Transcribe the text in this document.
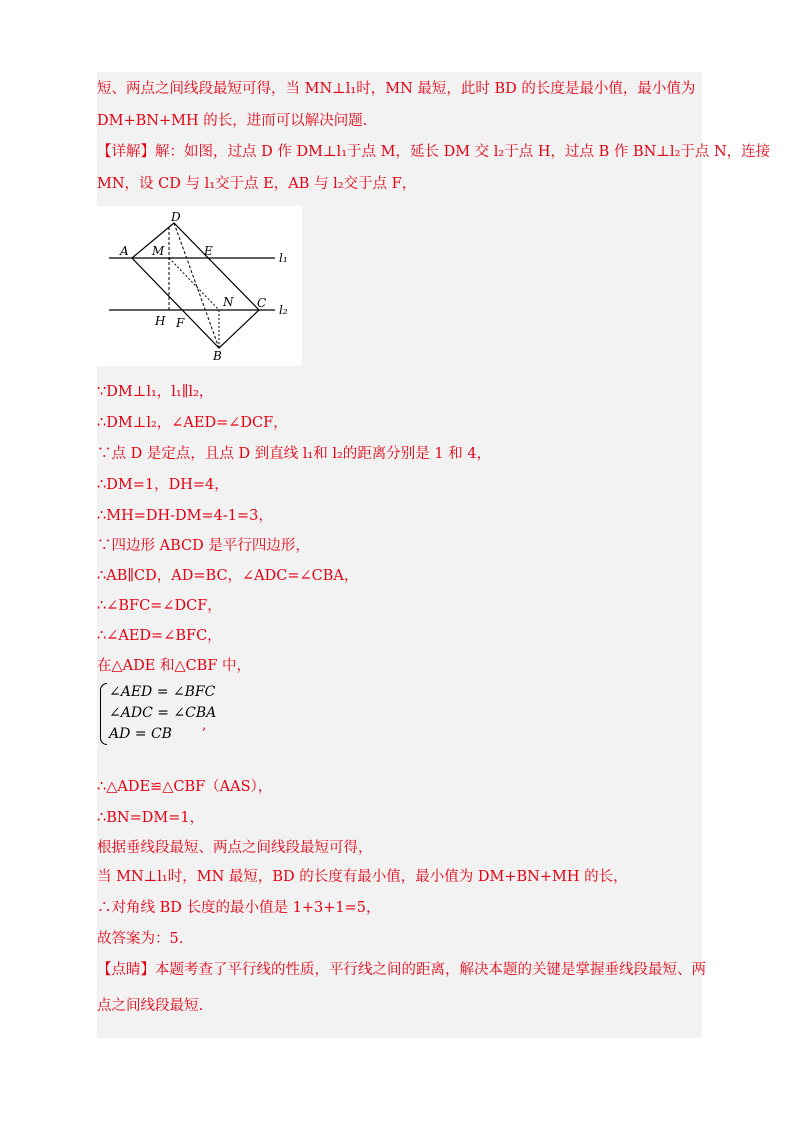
短、两点之间线段最短可得，当 MN⊥l₁时，MN 最短，此时 BD 的长度是最小值，最小值为
DM+BN+MH 的长，进而可以解决问题.
【详解】解：如图，过点 D 作 DM⊥l₁于点 M，延长 DM 交 l₂于点 H，过点 B 作 BN⊥l₂于点 N，连接
MN，设 CD 与 l₁交于点 E，AB 与 l₂交于点 F，
D
A M	E	l₁
N C l₂
H F
B
∵DM⊥l₁，l₁∥l₂，
∴DM⊥l₂，∠AED=∠DCF，
∵点 D 是定点，且点 D 到直线 l₁和 l₂的距离分别是 1 和 4，
∴DM=1，DH=4，
∴MH=DH-DM=4-1=3，
∵四边形 ABCD 是平行四边形，
∴AB∥CD，AD=BC，∠ADC=∠CBA，
∴∠BFC=∠DCF，
∴∠AED=∠BFC，
在△ADE 和△CBF 中，
∠AED = ∠BFC
∠ADC = ∠CBA
AD = CB
,
∴△ADE≌△CBF（AAS），
∴BN=DM=1，
根据垂线段最短、两点之间线段最短可得，
当 MN⊥l₁时，MN 最短，BD 的长度有最小值，最小值为 DM+BN+MH 的长，
∴对角线 BD 长度的最小值是 1+3+1=5，
故答案为：5.
【点睛】本题考查了平行线的性质，平行线之间的距离，解决本题的关键是掌握垂线段最短、两
点之间线段最短.
